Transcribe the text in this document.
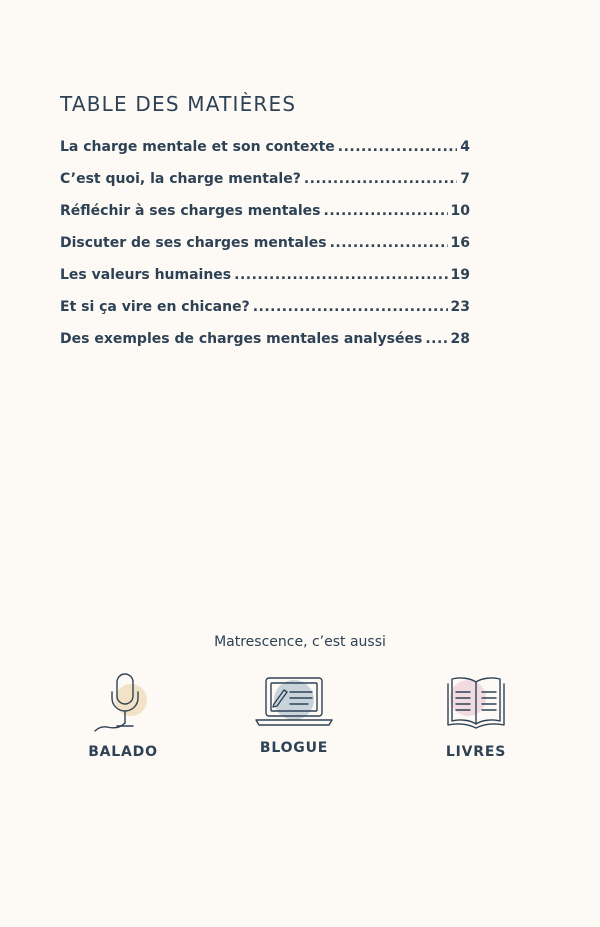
TABLE DES MATIÈRES
La charge mentale et son contexte .....	4
C’est quoi, la charge mentale? .....	7
Réfléchir à ses charges mentales .....	10
Discuter de ses charges mentales .....	16
Les valeurs humaines .....	19
Et si ça vire en chicane? .....	23
Des exemples de charges mentales analysées ..... 28
Matrescence, c’est aussi
BALADO	BLOGUE	LIVRES
